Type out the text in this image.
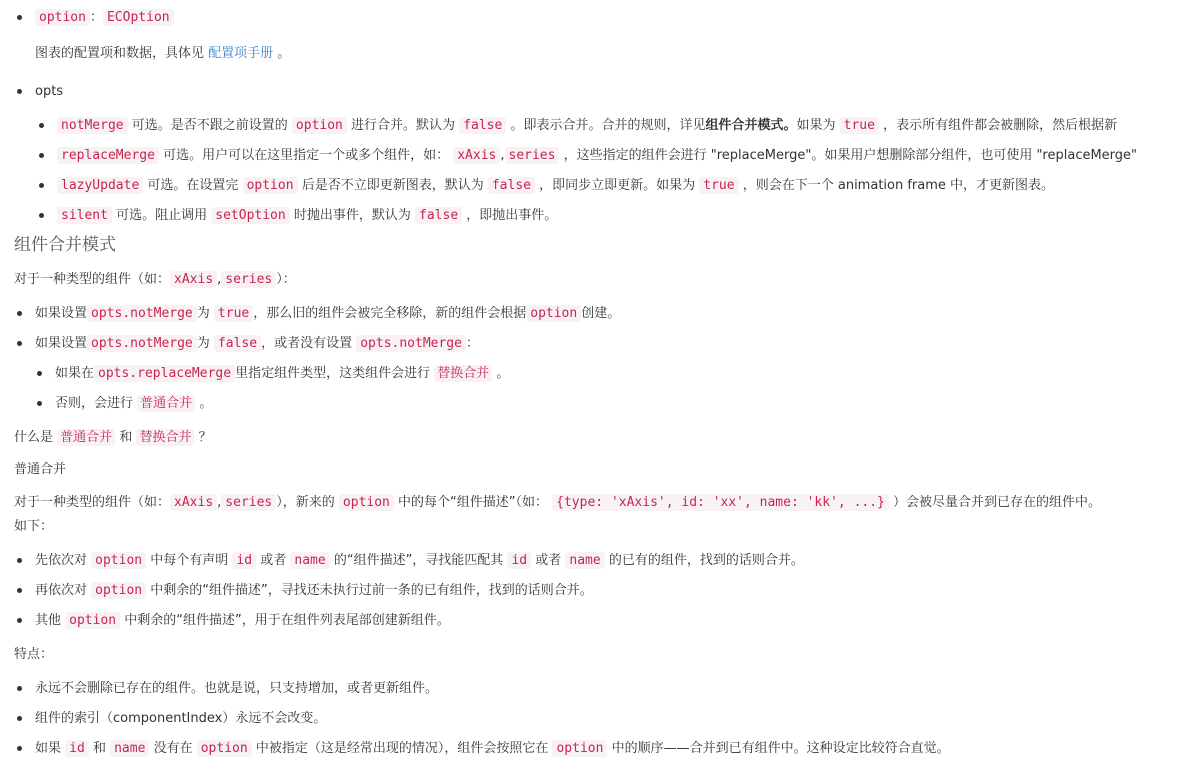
option ： ECOption
图表的配置项和数据，具体见 配置项手册 。
opts
notMerge 可选。是否不跟之前设置的 option 进行合并。默认为 false 。即表示合并。合并的规则，详见组件合并模式。如果为 true ，表示所有组件都会被删除，然后根据新
replaceMerge 可选。用户可以在这里指定一个或多个组件，如： xAxis , series ，这些指定的组件会进行 "replaceMerge"。如果用户想删除部分组件，也可使用 "replaceMerge"
lazyUpdate 可选。在设置完 option 后是否不立即更新图表，默认为 false ，即同步立即更新。如果为 true ，则会在下一个 animation frame 中，才更新图表。
silent 可选。阻止调用 setOption 时抛出事件，默认为 false ，即抛出事件。
组件合并模式
对于一种类型的组件（如： xAxis , series ）：
如果设置 opts.notMerge 为 true ，那么旧的组件会被完全移除，新的组件会根据 option 创建。
如果设置 opts.notMerge 为 false ，或者没有设置 opts.notMerge ：
如果在 opts.replaceMerge 里指定组件类型，这类组件会进行 替换合并 。
否则，会进行 普通合并 。
什么是 普通合并 和 替换合并 ？
普通合并
对于一种类型的组件（如： xAxis , series ），新来的 option 中的每个“组件描述”（如： {type: 'xAxis', id: 'xx', name: 'kk', ...} ）会被尽量合并到已存在的组件中。
如下：
先依次对 option 中每个有声明 id 或者 name 的“组件描述”，寻找能匹配其 id 或者 name 的已有的组件，找到的话则合并。
再依次对 option 中剩余的“组件描述”，寻找还未执行过前一条的已有组件，找到的话则合并。
其他 option 中剩余的“组件描述”，用于在组件列表尾部创建新组件。
特点：
永远不会删除已存在的组件。也就是说，只支持增加，或者更新组件。
组件的索引（componentIndex）永远不会改变。
如果 id 和 name 没有在 option 中被指定（这是经常出现的情况），组件会按照它在 option 中的顺序——合并到已有组件中。这种设定比较符合直觉。
